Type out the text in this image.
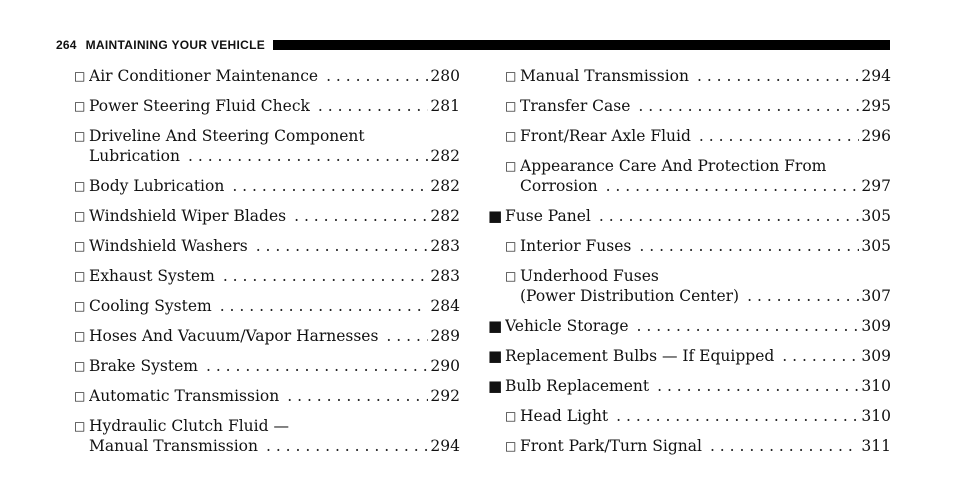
264 MAINTAINING YOUR VEHICLE
□ Air Conditioner Maintenance . . .	280
□ Power Steering Fluid Check . . .	281
□ Driveline And Steering Component
Lubrication . . .	282
□ Body Lubrication . . .	282
□ Windshield Wiper Blades . . .	282
□ Windshield Washers . . .	283
□ Exhaust System . . .	283
□ Cooling System . . .	284
□ Hoses And Vacuum/Vapor Harnesses . . .	289
□ Brake System . . .	290
□ Automatic Transmission . . .	292
□ Hydraulic Clutch Fluid —
Manual Transmission . . .	294
□ Manual Transmission . . .	294
□ Transfer Case . . .	295
□ Front/Rear Axle Fluid . . .	296
□ Appearance Care And Protection From
Corrosion . . .	297
■ Fuse Panel . . .	305
□ Interior Fuses . . .	305
□ Underhood Fuses
(Power Distribution Center) . . .	307
■ Vehicle Storage . . .	309
■ Replacement Bulbs — If Equipped . . .	309
■ Bulb Replacement . . .	310
□ Head Light . . .	310
□ Front Park/Turn Signal . . .	311
